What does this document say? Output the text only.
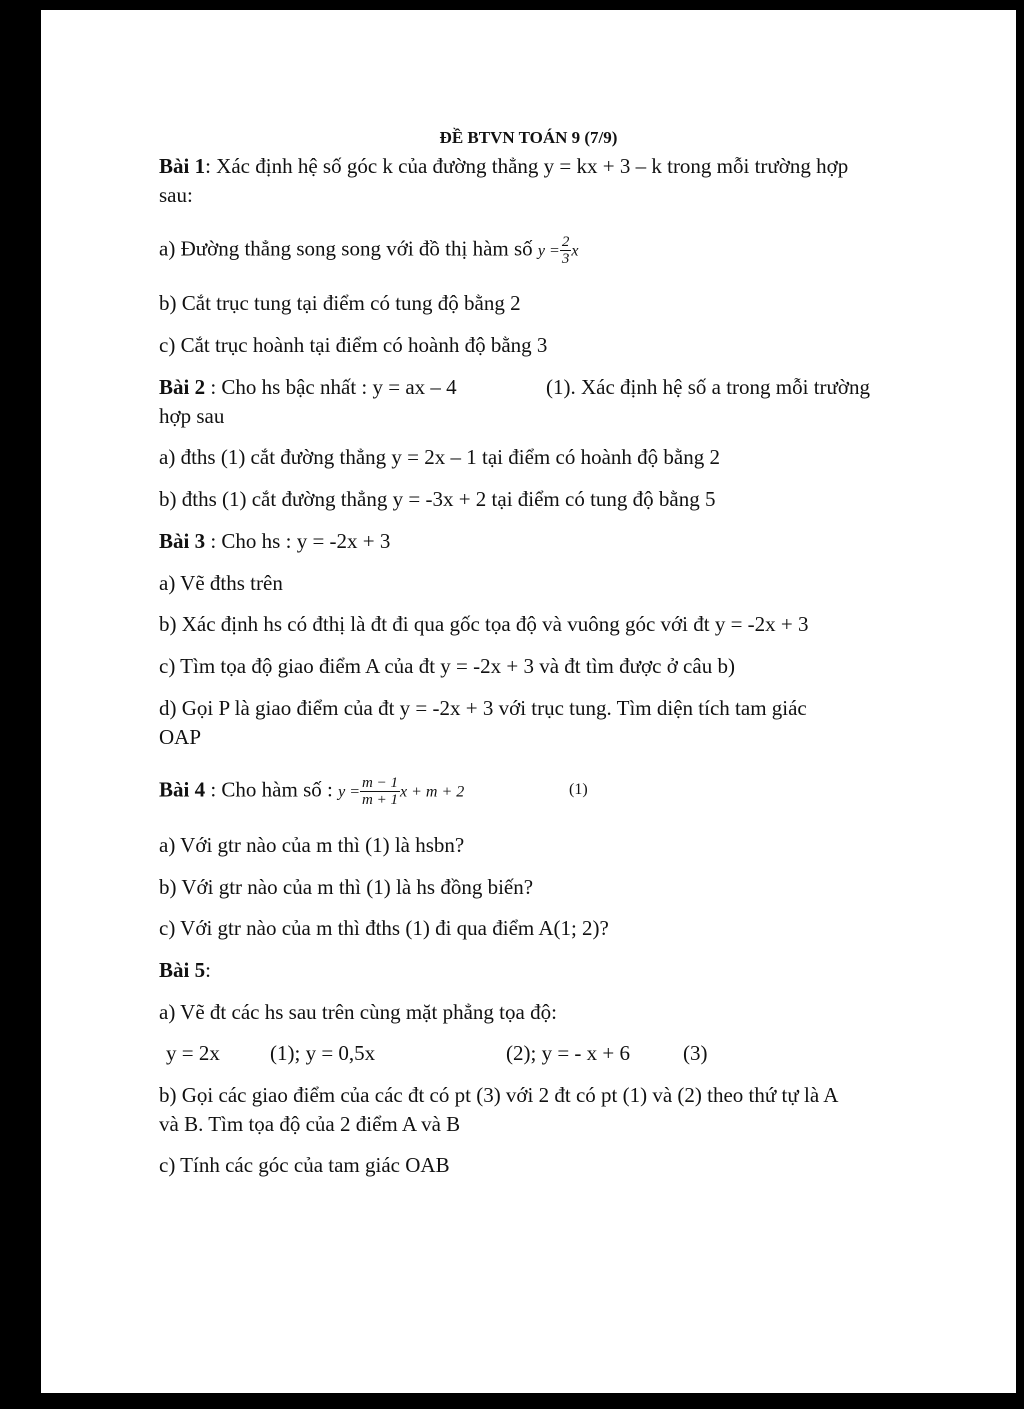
ĐỀ BTVN TOÁN 9 (7/9)
Bài 1: Xác định hệ số góc k của đường thẳng y = kx + 3 – k trong mỗi trường hợp
sau:
a) Đường thẳng song song với đồ thị hàm số $y = \frac{2}{3}$ x
b) Cắt trục tung tại điểm có tung độ bằng 2
c) Cắt trục hoành tại điểm có hoành độ bằng 3
Bài 2 : Cho hs bậc nhất : y = ax – 4	(1). Xác định hệ số a trong mỗi trường
hợp sau
a) đths (1) cắt đường thẳng y = 2x – 1 tại điểm có hoành độ bằng 2
b) đths (1) cắt đường thẳng y = -3x + 2 tại điểm có tung độ bằng 5
Bài 3 : Cho hs : y = -2x + 3
a) Vẽ đths trên
b) Xác định hs có đthị là đt đi qua gốc tọa độ và vuông góc với đt y = -2x + 3
c) Tìm tọa độ giao điểm A của đt y = -2x + 3 và đt tìm được ở câu b)
d) Gọi P là giao điểm của đt y = -2x + 3 với trục tung. Tìm diện tích tam giác
OAP
Bài 4 : Cho hàm số : $y = \frac{m - 1}{m + 1}$ x + m + 2	(1)
a) Với gtr nào của m thì (1) là hsbn?
b) Với gtr nào của m thì (1) là hs đồng biến?
c) Với gtr nào của m thì đths (1) đi qua điểm A(1; 2)?
Bài 5:
a) Vẽ đt các hs sau trên cùng mặt phẳng tọa độ:
y = 2x (1); y = 0,5x	(2); y = - x + 6	(3)
b) Gọi các giao điểm của các đt có pt (3) với 2 đt có pt (1) và (2) theo thứ tự là A
và B. Tìm tọa độ của 2 điểm A và B
c) Tính các góc của tam giác OAB
